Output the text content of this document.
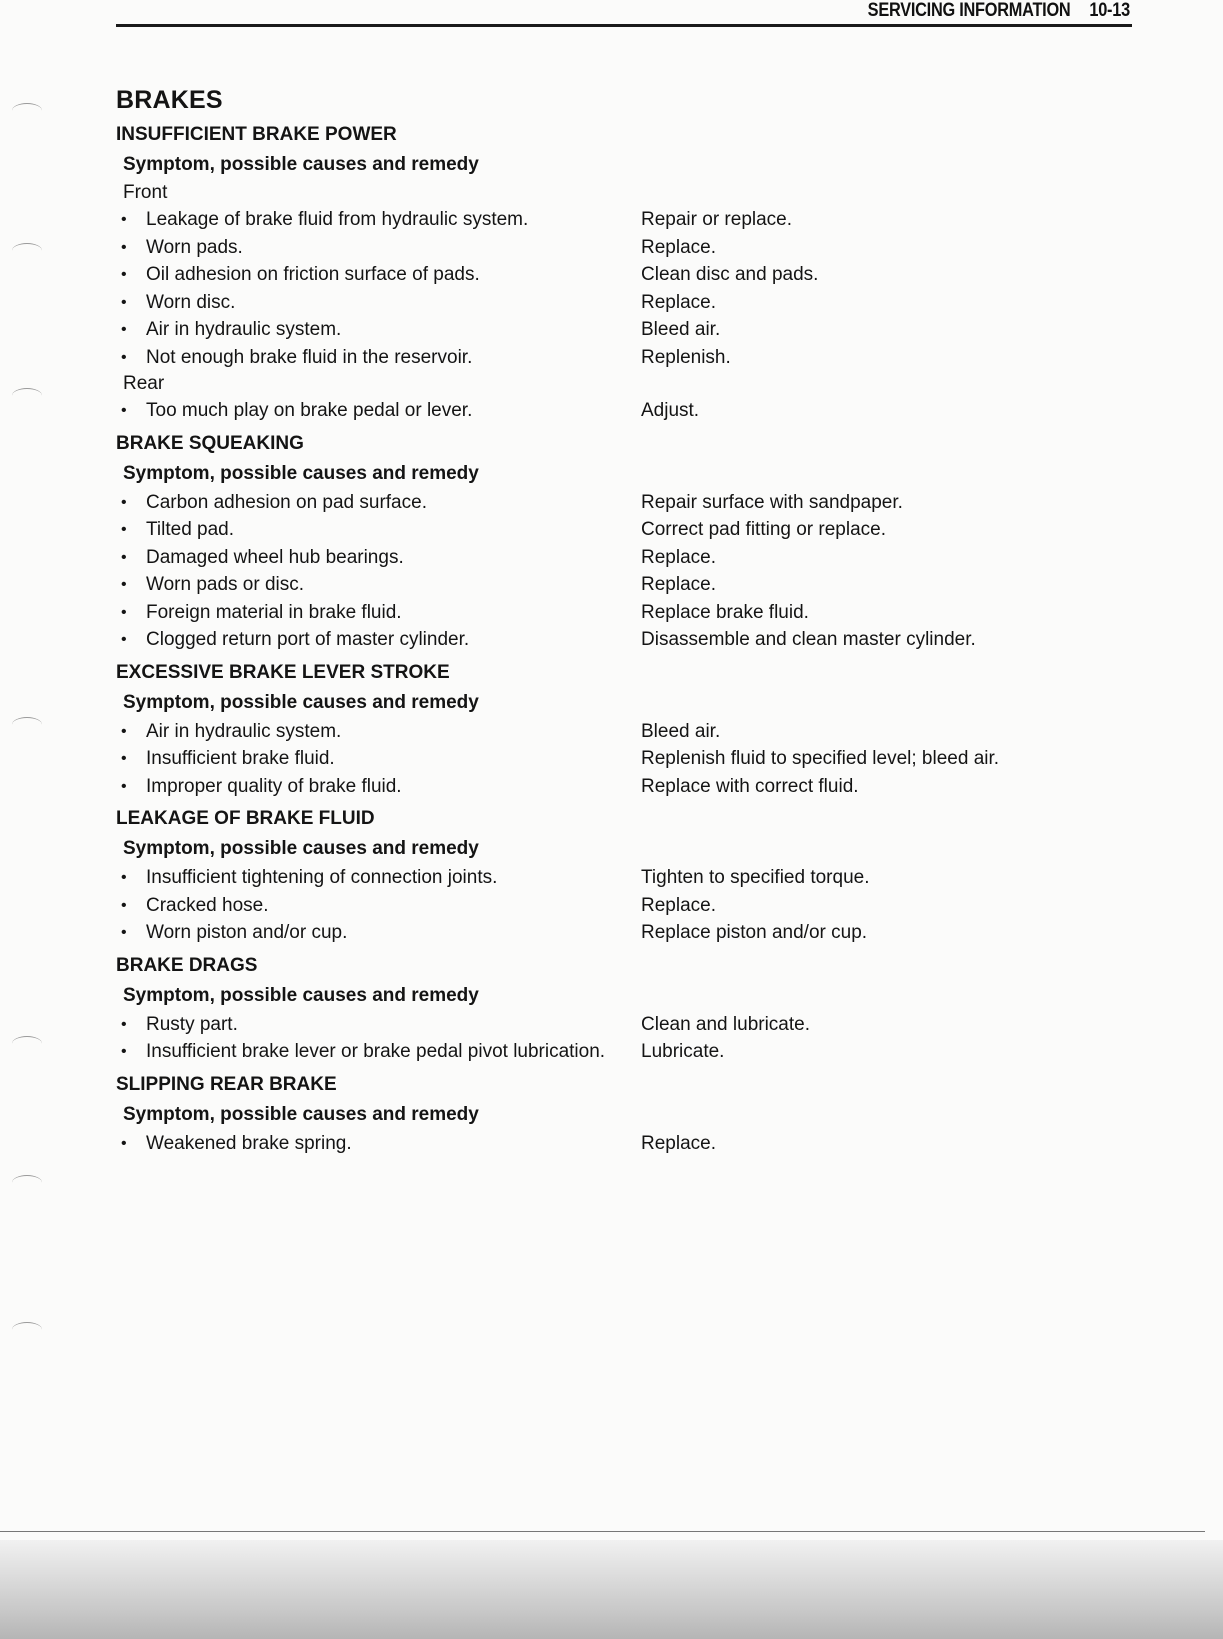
SERVICING INFORMATION 10-13
BRAKES
INSUFFICIENT BRAKE POWER
Symptom, possible causes and remedy
Front
• Leakage of brake fluid from hydraulic system.	Repair or replace.
• Worn pads.	Replace.
• Oil adhesion on friction surface of pads.	Clean disc and pads.
• Worn disc.	Replace.
• Air in hydraulic system.	Bleed air.
• Not enough brake fluid in the reservoir.	Replenish.
Rear
• Too much play on brake pedal or lever.	Adjust.
BRAKE SQUEAKING
Symptom, possible causes and remedy
• Carbon adhesion on pad surface.	Repair surface with sandpaper.
• Tilted pad.	Correct pad fitting or replace.
• Damaged wheel hub bearings.	Replace.
• Worn pads or disc.	Replace.
• Foreign material in brake fluid.	Replace brake fluid.
• Clogged return port of master cylinder.	Disassemble and clean master cylinder.
EXCESSIVE BRAKE LEVER STROKE
Symptom, possible causes and remedy
• Air in hydraulic system.	Bleed air.
• Insufficient brake fluid.	Replenish fluid to specified level; bleed air.
• Improper quality of brake fluid.	Replace with correct fluid.
LEAKAGE OF BRAKE FLUID
Symptom, possible causes and remedy
• Insufficient tightening of connection joints.	Tighten to specified torque.
• Cracked hose.	Replace.
• Worn piston and/or cup.	Replace piston and/or cup.
BRAKE DRAGS
Symptom, possible causes and remedy
• Rusty part.	Clean and lubricate.
• Insufficient brake lever or brake pedal pivot lubrication.	Lubricate.
SLIPPING REAR BRAKE
Symptom, possible causes and remedy
• Weakened brake spring.	Replace.
